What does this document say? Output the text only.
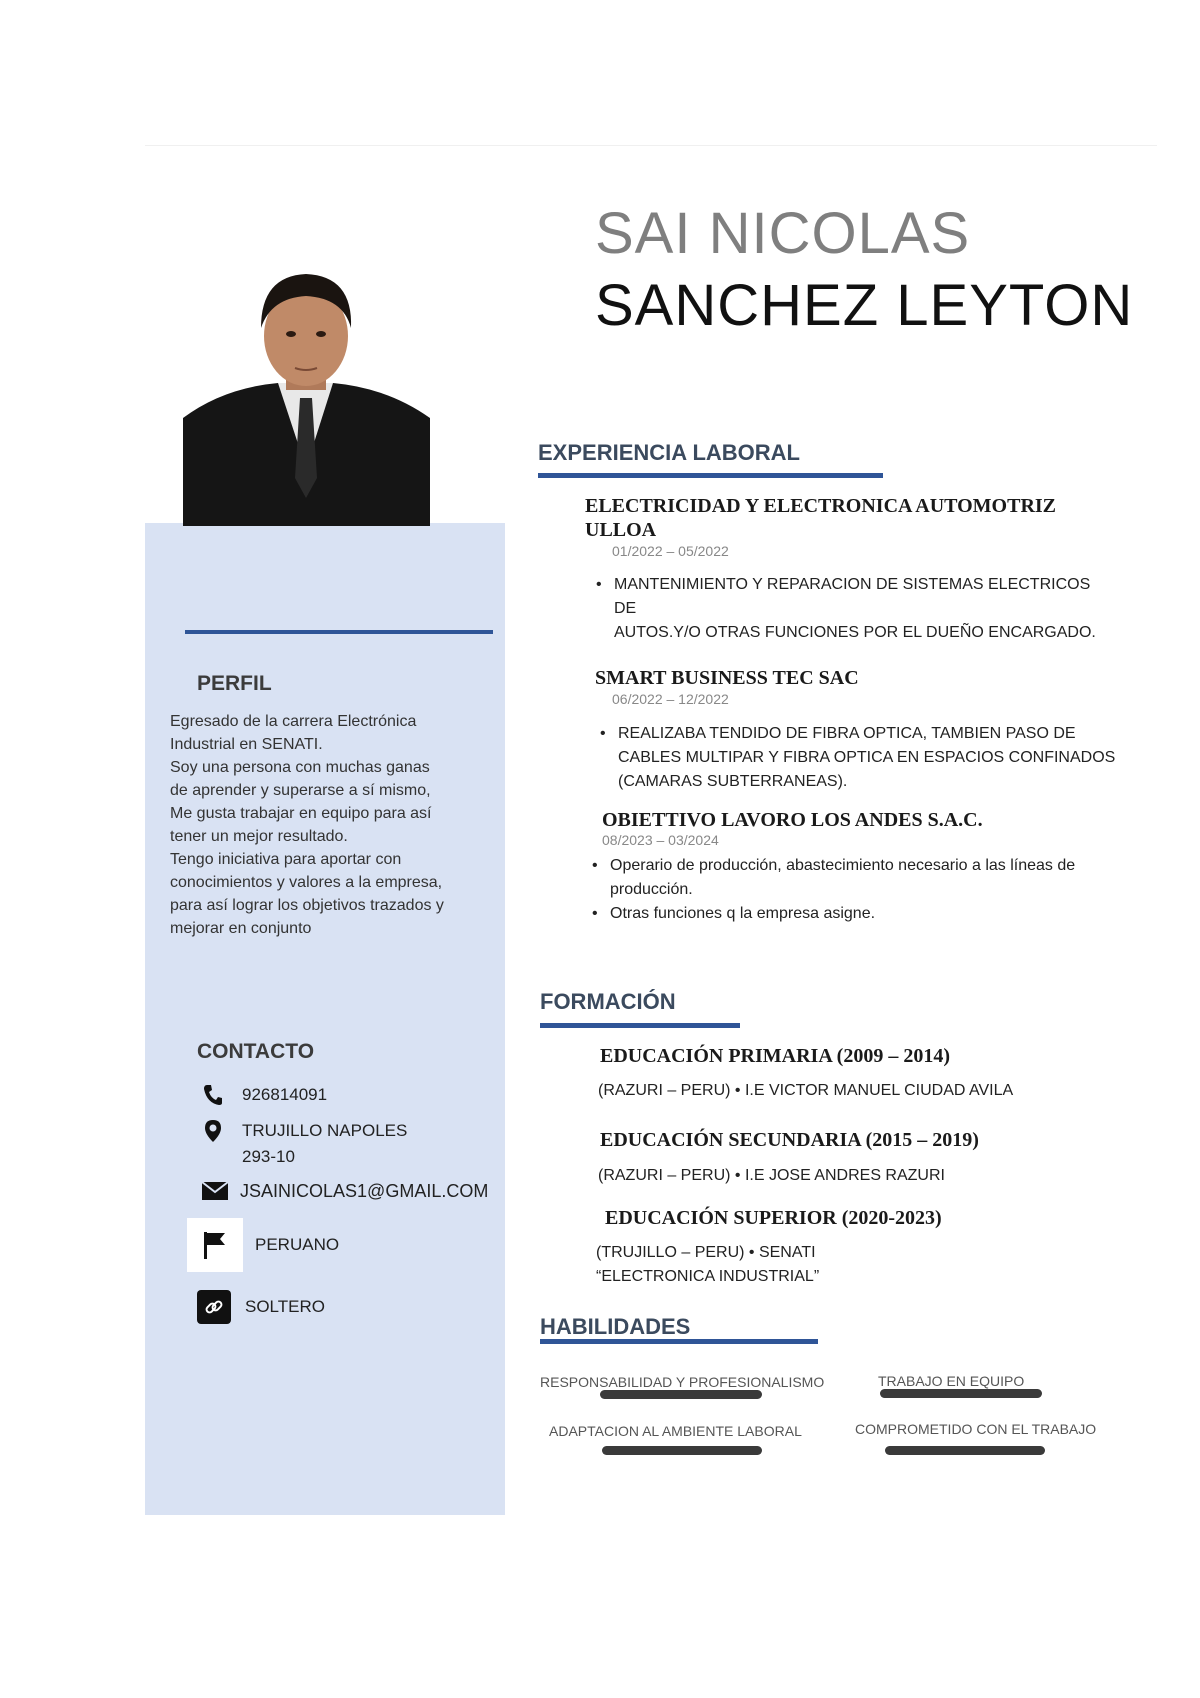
PERFIL

Egresado de la carrera Electrónica

Industrial en SENATI.

Soy una persona con muchas ganas

de aprender y superarse a sí mismo,

Me gusta trabajar en equipo para así

tener un mejor resultado.

Tengo iniciativa para aportar con

conocimientos y valores a la empresa,

para así lograr los objetivos trazados y

mejorar en conjunto

CONTACTO
926814091
TRUJILLO NAPOLES
293-10
JSAINICOLAS1@GMAIL.COM
PERUANO
SOLTERO
SAI NICOLAS
SANCHEZ LEYTON
EXPERIENCIA LABORAL
ELECTRICIDAD Y ELECTRONICA AUTOMOTRIZ
ULLOA
01/2022 – 05/2022
• MANTENIMIENTO Y REPARACION DE SISTEMAS ELECTRICOS DE
AUTOS.Y/O OTRAS FUNCIONES POR EL DUEÑO ENCARGADO.
SMART BUSINESS TEC SAC
06/2022 – 12/2022
• REALIZABA TENDIDO DE FIBRA OPTICA, TAMBIEN PASO DE
CABLES MULTIPAR Y FIBRA OPTICA EN ESPACIOS CONFINADOS
(CAMARAS SUBTERRANEAS).
OBIETTIVO LAVORO LOS ANDES S.A.C.
08/2023 – 03/2024
• Operario de producción, abastecimiento necesario a las líneas de
producción.
• Otras funciones q la empresa asigne.
FORMACIÓN
EDUCACIÓN PRIMARIA (2009 – 2014)
(RAZURI – PERU) • I.E VICTOR MANUEL CIUDAD AVILA
EDUCACIÓN SECUNDARIA (2015 – 2019)
(RAZURI – PERU) • I.E JOSE ANDRES RAZURI
EDUCACIÓN SUPERIOR (2020-2023)
(TRUJILLO – PERU) • SENATI
“ELECTRONICA INDUSTRIAL”
HABILIDADES
RESPONSABILIDAD Y PROFESIONALISMO	TRABAJO EN EQUIPO
ADAPTACION AL AMBIENTE LABORAL	COMPROMETIDO CON EL TRABAJO
